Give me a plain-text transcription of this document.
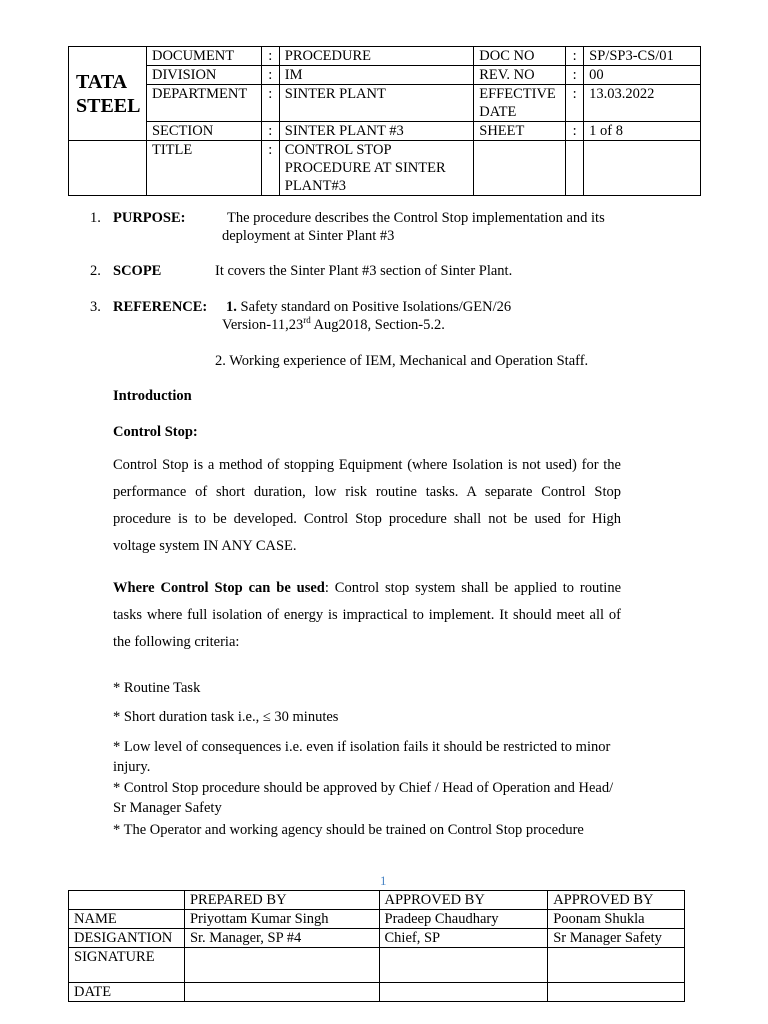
TATA
STEEL	DOCUMENT	:	PROCEDURE	DOC NO	:	SP/SP3-CS/01
	DIVISION	:	IM	REV. NO	:	00
	DEPARTMENT	:	SINTER PLANT	EFFECTIVE DATE	:	13.03.2022
	SECTION	:	SINTER PLANT #3	SHEET	:	1 of 8
	TITLE	:	CONTROL STOP PROCEDURE AT SINTER PLANT#3			
1. PURPOSE:	The procedure describes the Control Stop implementation and its
deployment at Sinter Plant #3
2. SCOPE	It covers the Sinter Plant #3 section of Sinter Plant.
3. REFERENCE: 1. Safety standard on Positive Isolations/GEN/26
Version-11,23rd Aug2018, Section-5.2.
2. Working experience of IEM, Mechanical and Operation Staff.
Introduction
Control Stop:
Control Stop is a method of stopping Equipment (where Isolation is not used) for the performance of short duration, low risk routine tasks. A separate Control Stop procedure is to be developed. Control Stop procedure shall not be used for High voltage system IN ANY CASE.
Where Control Stop can be used: Control stop system shall be applied to routine tasks where full isolation of energy is impractical to implement. It should meet all of the following criteria:
* Routine Task
* Short duration task i.e., ≤ 30 minutes
* Low level of consequences i.e. even if isolation fails it should be restricted to minor injury.
* Control Stop procedure should be approved by Chief / Head of Operation and Head/ Sr Manager Safety
* The Operator and working agency should be trained on Control Stop procedure
1
	PREPARED BY	APPROVED BY	APPROVED BY
NAME	Priyottam Kumar Singh	Pradeep Chaudhary	Poonam Shukla
DESIGANTION	Sr. Manager, SP #4	Chief, SP	Sr Manager Safety
SIGNATURE			
DATE			
